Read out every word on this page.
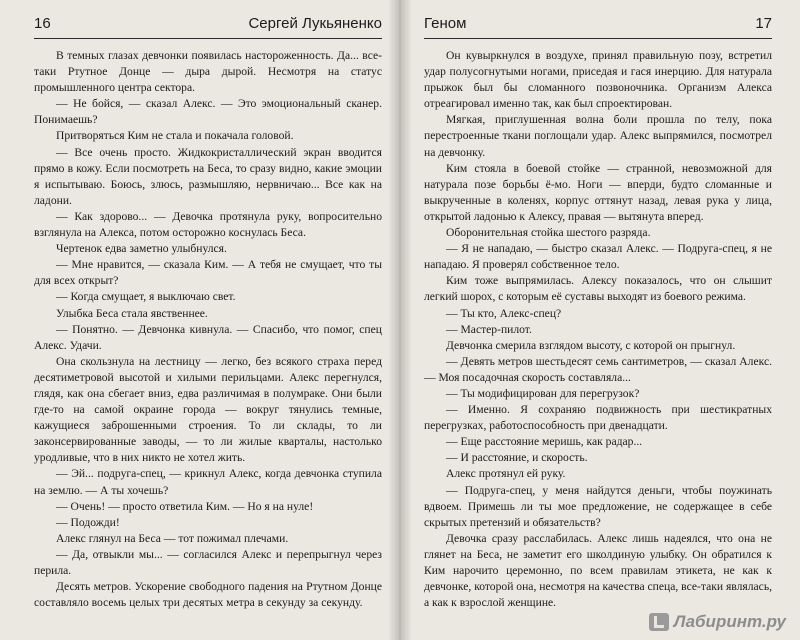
16	Сергей Лукьяненко

В темных глазах девчонки появилась настороженность. Да... все-таки Ртутное Донце — дыра дырой. Несмотря на статус промышленного центра сектора.

— Не бойся, — сказал Алекс. — Это эмоциональный сканер. Понимаешь?

Притворяться Ким не стала и покачала головой.

— Все очень просто. Жидкокристаллический экран вводится прямо в кожу. Если посмотреть на Беса, то сразу видно, какие эмоции я испытываю. Боюсь, злюсь, размышляю, нервничаю... Все как на ладони.

— Как здорово... — Девочка протянула руку, вопросительно взглянула на Алекса, потом осторожно коснулась Беса.

Чертенок едва заметно улыбнулся.

— Мне нравится, — сказала Ким. — А тебя не смущает, что ты для всех открыт?

— Когда смущает, я выключаю свет.

Улыбка Беса стала явственнее.

— Понятно. — Девчонка кивнула. — Спасибо, что помог, спец Алекс. Удачи.

Она скользнула на лестницу — легко, без всякого страха перед десятиметровой высотой и хилыми перильцами. Алекс перегнулся, глядя, как она сбегает вниз, едва различимая в полумраке. Они были где-то на самой окраине города — вокруг тянулись темные, кажущиеся заброшенными строения. То ли склады, то ли законсервированные заводы, — то ли жилые кварталы, настолько уродливые, что в них никто не хотел жить.

— Эй... подруга-спец, — крикнул Алекс, когда девчонка ступила на землю. — А ты хочешь?

— Очень! — просто ответила Ким. — Но я на нуле!

— Подожди!

Алекс глянул на Беса — тот пожимал плечами.

— Да, отвыкли мы... — согласился Алекс и перепрыгнул через перила.

Десять метров. Ускорение свободного падения на Ртутном Донце составляло восемь целых три десятых метра в секунду за секунду.

Геном	17

Он кувыркнулся в воздухе, принял правильную позу, встретил удар полусогнутыми ногами, приседая и гася инерцию. Для натурала прыжок был бы сломанного позвоночника. Организм Алекса отреагировал именно так, как был спроектирован.

Мягкая, приглушенная волна боли прошла по телу, пока перестроенные ткани поглощали удар. Алекс выпрямился, посмотрел на девчонку.

Ким стояла в боевой стойке — странной, невозможной для натурала позе борьбы ё-мо. Ноги — вперди, будто сломанные и выкрученные в коленях, корпус оттянут назад, левая рука у лица, открытой ладонью к Алексу, правая — вытянута вперед.

Оборонительная стойка шестого разряда.

— Я не нападаю, — быстро сказал Алекс. — Подруга-спец, я не нападаю. Я проверял собственное тело.

Ким тоже выпрямилась. Алексу показалось, что он слышит легкий шорох, с которым её суставы выходят из боевого режима.

— Ты кто, Алекс-спец?

— Мастер-пилот.

Девчонка смерила взглядом высоту, с которой он прыгнул.

— Девять метров шестьдесят семь сантиметров, — сказал Алекс. — Моя посадочная скорость составляла...

— Ты модифицирован для перегрузок?

— Именно. Я сохраняю подвижность при шестикратных перегрузках, работоспособность при двенадцати.

— Еще расстояние меришь, как радар...

— И расстояние, и скорость.

Алекс протянул ей руку.

— Подруга-спец, у меня найдутся деньги, чтобы поужинать вдвоем. Примешь ли ты мое предложение, не содержащее в себе скрытых претензий и обязательств?

Девочка сразу расслабилась. Алекс лишь надеялся, что она не глянет на Беса, не заметит его школдиную улыбку. Он обратился к Ким нарочито церемонно, по всем правилам этикета, не как к девчонке, которой она, несмотря на качества спеца, все-таки являлась, а как к взрослой женщине.

Лабиринт.ру
